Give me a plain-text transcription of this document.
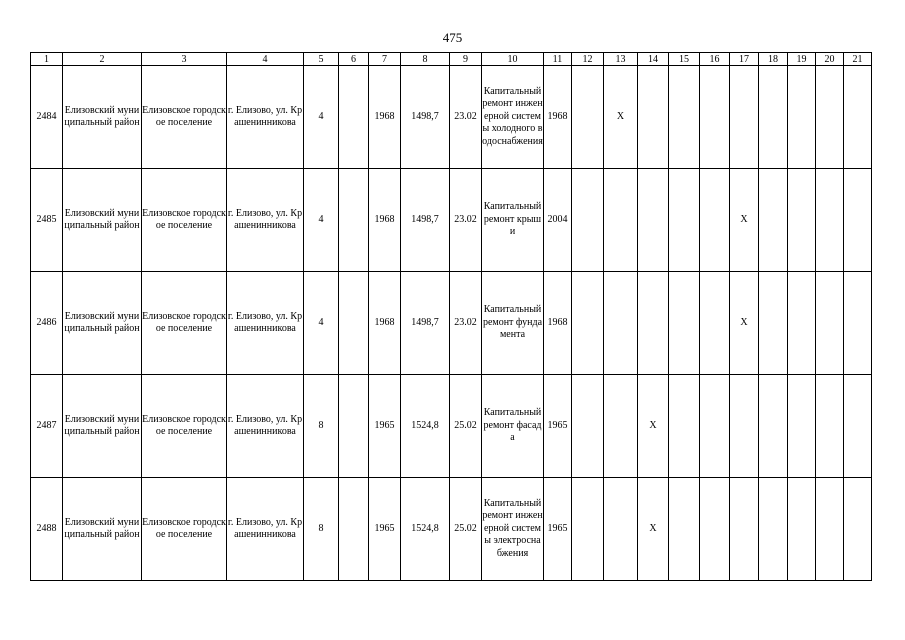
475
1	2	3	4	5	6	7	8	9	10	11	12	13	14	15	16	17	18	19	20	21
2484	Елизовский муниципальный район	Елизовское городское поселение	г. Елизово, ул. Крашенинникова	4		1968	1498,7	23.02	Капитальный ремонт инженерной системы холодного водоснабжения	1968		X								
2485	Елизовский муниципальный район	Елизовское городское поселение	г. Елизово, ул. Крашенинникова	4		1968	1498,7	23.02	Капитальный ремонт крыши	2004						X				
2486	Елизовский муниципальный район	Елизовское городское поселение	г. Елизово, ул. Крашенинникова	4		1968	1498,7	23.02	Капитальный ремонт фундамента	1968						X				
2487	Елизовский муниципальный район	Елизовское городское поселение	г. Елизово, ул. Крашенинникова	8		1965	1524,8	25.02	Капитальный ремонт фасада	1965			X							
2488	Елизовский муниципальный район	Елизовское городское поселение	г. Елизово, ул. Крашенинникова	8		1965	1524,8	25.02	Капитальный ремонт инженерной системы электроснабжения	1965			X							
